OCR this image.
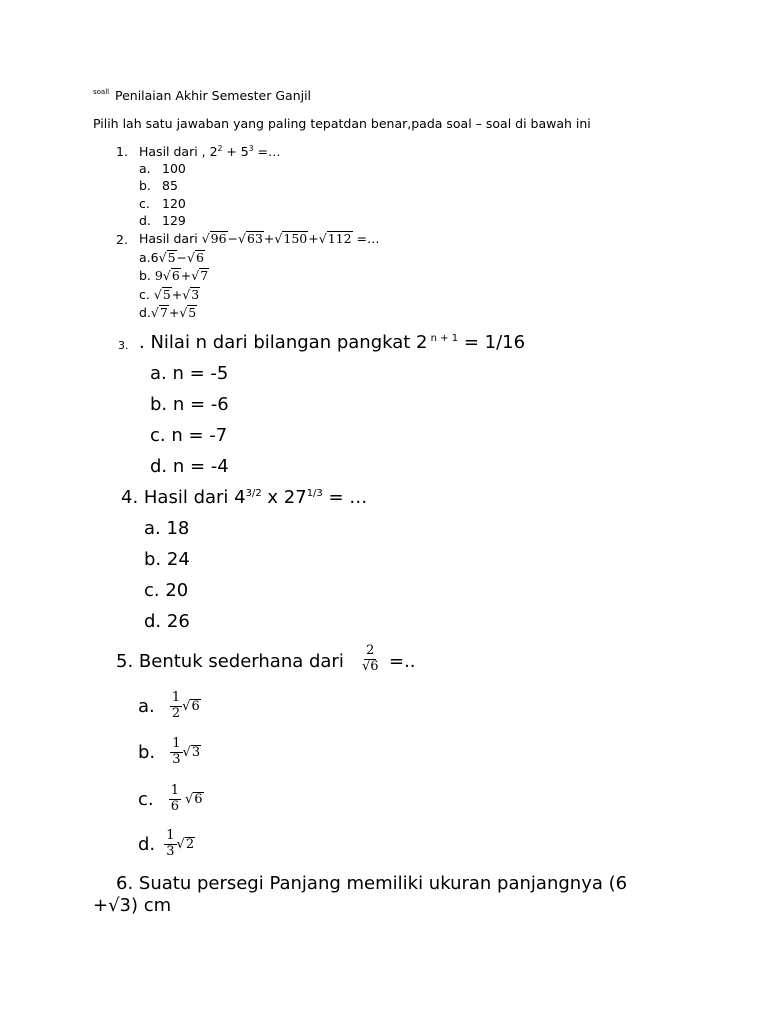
soall Penilaian Akhir Semester Ganjil
Pilih lah satu jawaban yang paling tepatdan benar,pada soal – soal di bawah ini
1. Hasil dari , $2^2 + 5^3$ =…
a. 100
b. 85
c. 120
d. 129
2. Hasil dari √96−√63+√150+√112 =…
a.6√5−√6
b. 9√6+√7
c. √5+√3
d.√7+√5
3. . Nilai n dari bilangan pangkat 2 $^{n + 1}$ = 1/16
a. n = -5
b. n = -6
c. n = -7
d. n = -4
4. Hasil dari $4^{3/2}$ x $27^{1/3}$ = …
a. 18
b. 24
c. 20
d. 26
5. Bentuk sederhana dari $\frac{2}{√6}$ =..
a. $\frac{1}{2} √6$
b. $\frac{1}{3} √3$
c. $\frac{1}{6} √6$
d. $\frac{1}{3} √2$
6. Suatu persegi Panjang memiliki ukuran panjangnya (6
+√3) cm
